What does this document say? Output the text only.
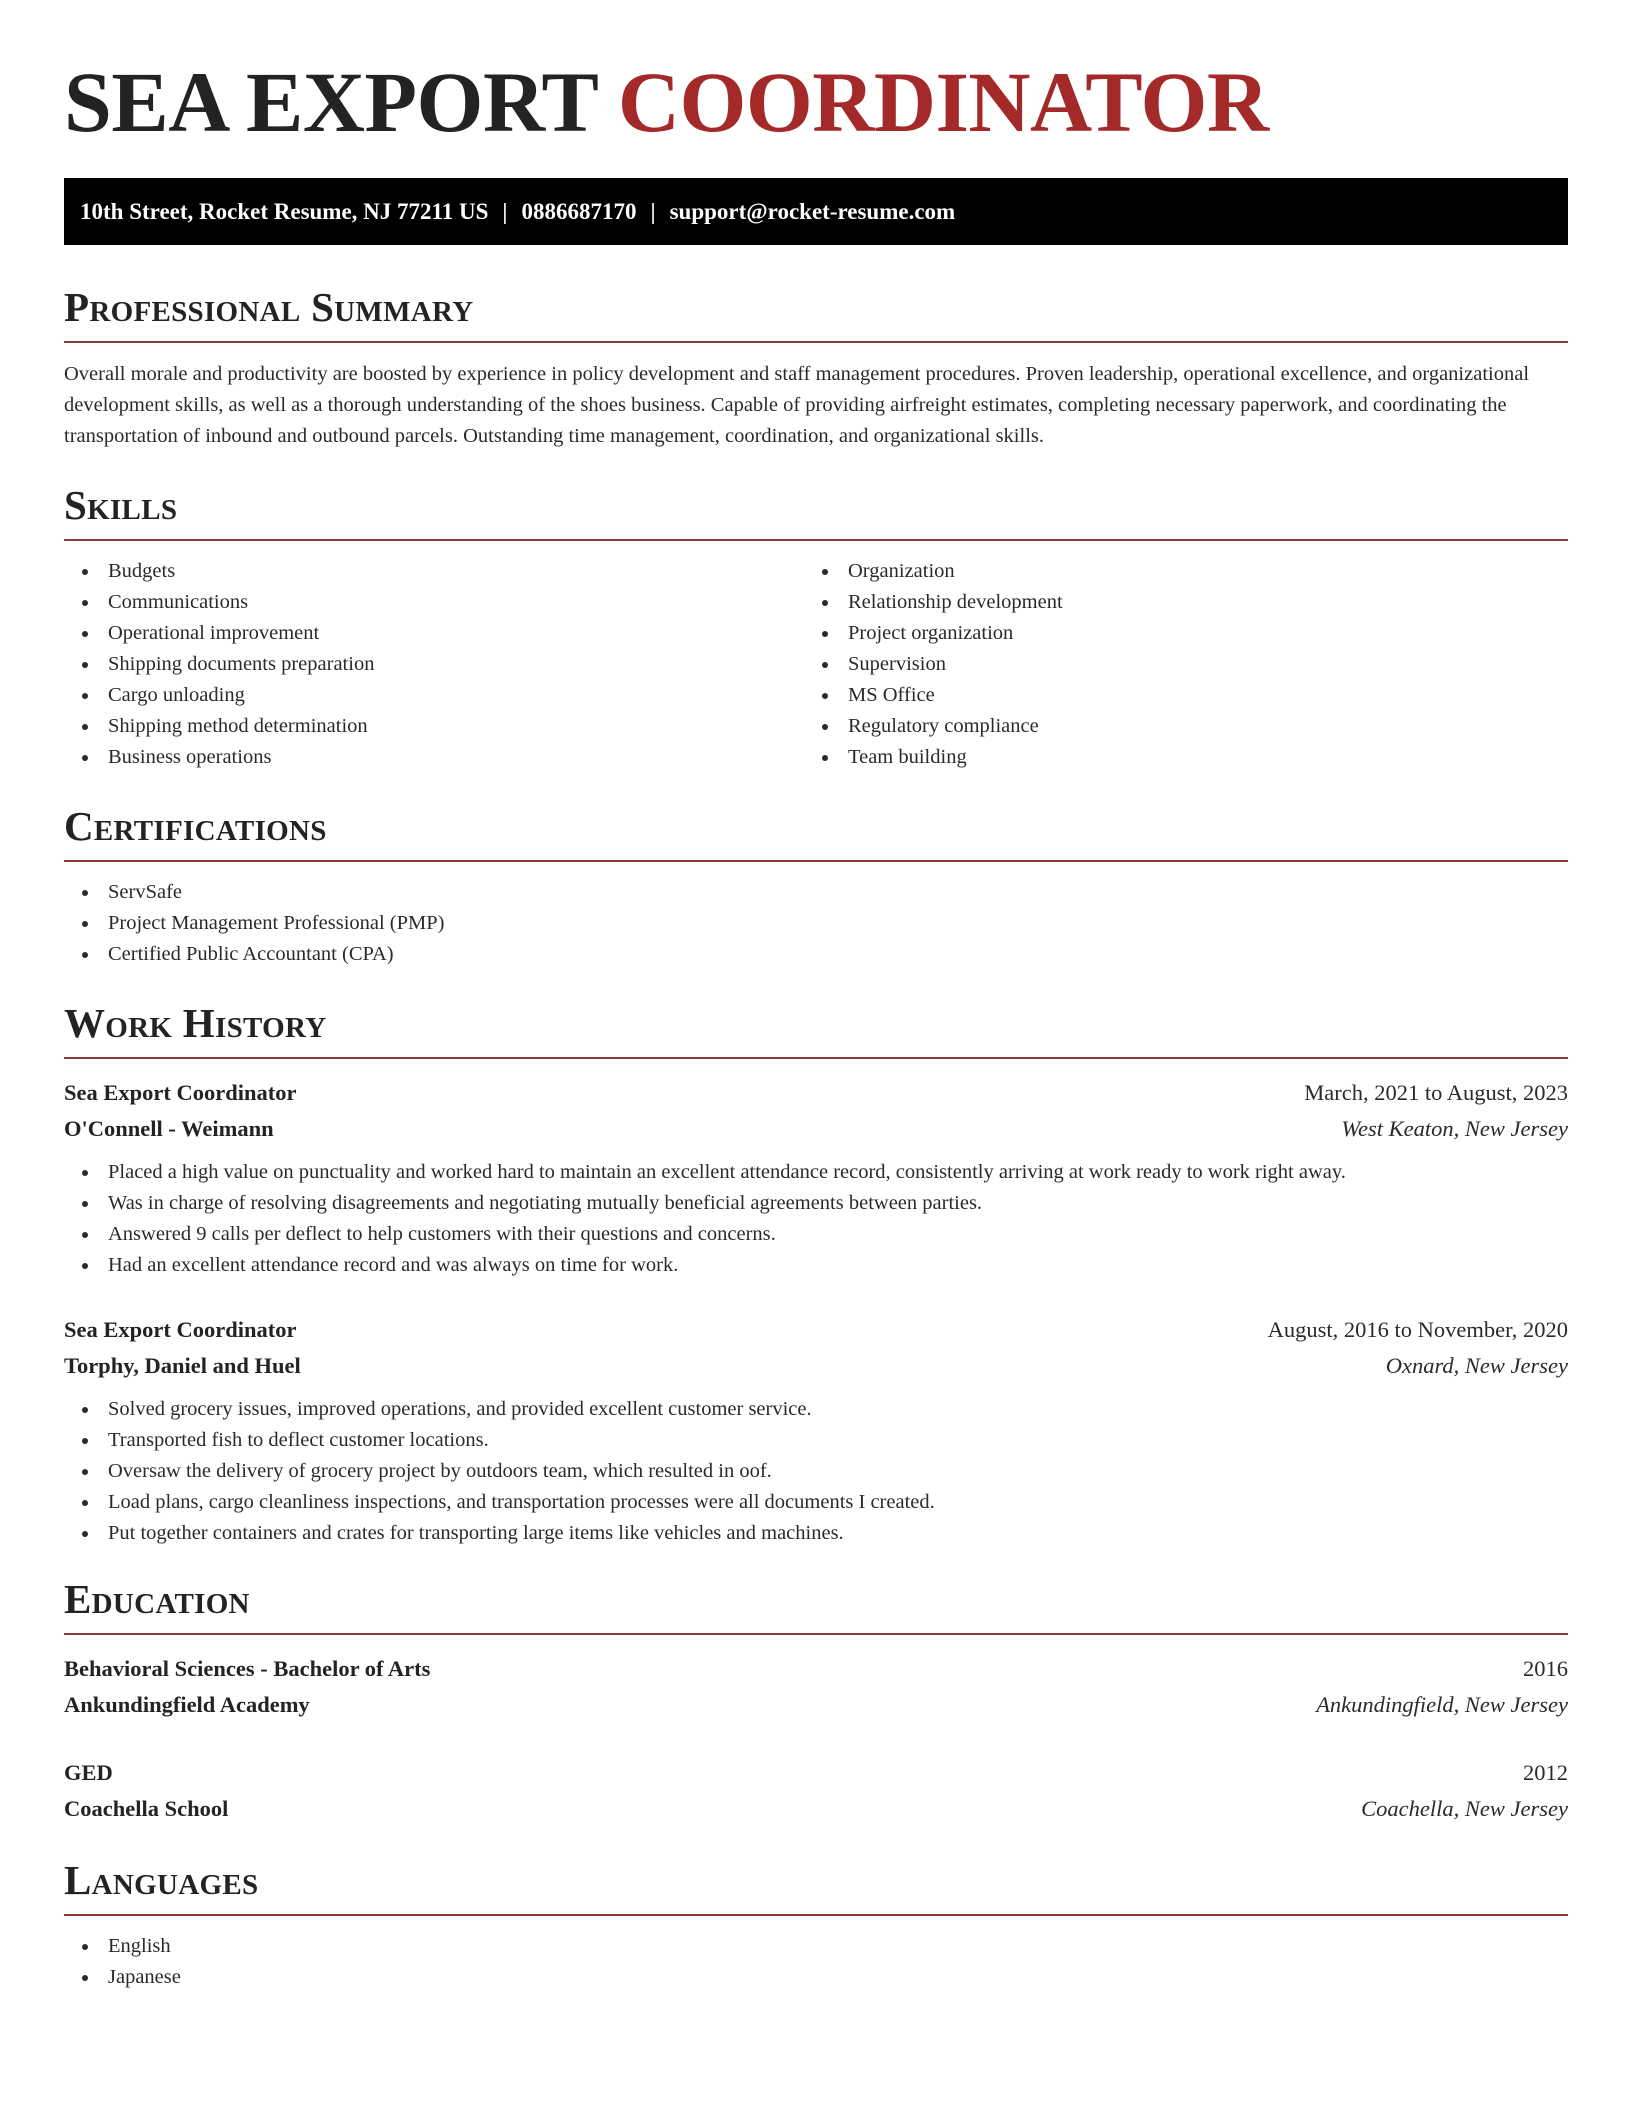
SEA EXPORT COORDINATOR
10th Street, Rocket Resume, NJ 77211 US | 0886687170 | support@rocket-resume.com
Professional Summary

Overall morale and productivity are boosted by experience in policy development and staff management procedures. Proven leadership, operational excellence, and organizational development skills, as well as a thorough understanding of the shoes business. Capable of providing airfreight estimates, completing necessary paperwork, and coordinating the transportation of inbound and outbound parcels. Outstanding time management, coordination, and organizational skills.

Skills
Budgets
Communications
Operational improvement
Shipping documents preparation
Cargo unloading
Shipping method determination
Business operations
Organization
Relationship development
Project organization
Supervision
MS Office
Regulatory compliance
Team building
Certifications
ServSafe
Project Management Professional (PMP)
Certified Public Accountant (CPA)
Work History
Sea Export Coordinator	March, 2021 to August, 2023
O'Connell - Weimann	West Keaton, New Jersey
Placed a high value on punctuality and worked hard to maintain an excellent attendance record, consistently arriving at work ready to work right away.
Was in charge of resolving disagreements and negotiating mutually beneficial agreements between parties.
Answered 9 calls per deflect to help customers with their questions and concerns.
Had an excellent attendance record and was always on time for work.
Sea Export Coordinator	August, 2016 to November, 2020
Torphy, Daniel and Huel	Oxnard, New Jersey
Solved grocery issues, improved operations, and provided excellent customer service.
Transported fish to deflect customer locations.
Oversaw the delivery of grocery project by outdoors team, which resulted in oof.
Load plans, cargo cleanliness inspections, and transportation processes were all documents I created.
Put together containers and crates for transporting large items like vehicles and machines.
Education
Behavioral Sciences - Bachelor of Arts	2016
Ankundingfield Academy	Ankundingfield, New Jersey
GED	2012
Coachella School	Coachella, New Jersey
Languages
English
Japanese
